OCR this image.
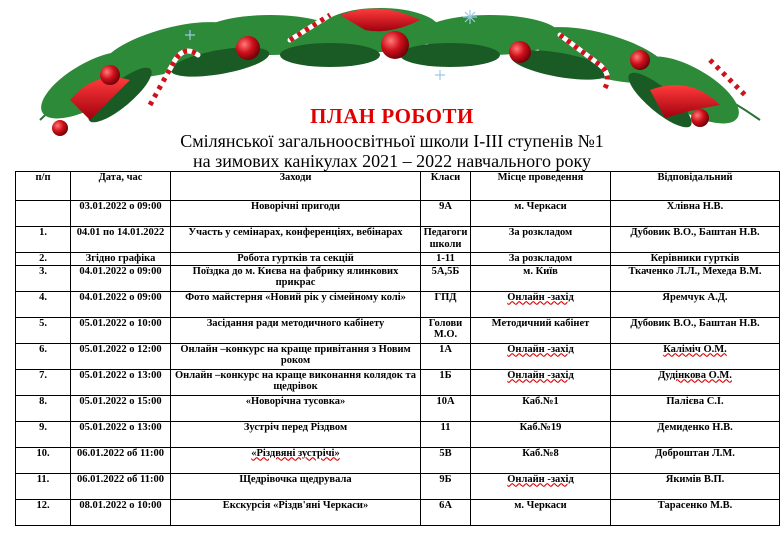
ПЛАН РОБОТИ
Смілянської загальноосвітньої школи І-ІІІ ступенів №1
на зимових канікулах 2021 – 2022 навчального року
п/п	Дата, час	Заходи	Класи	Місце проведення	Відповідальний
	03.01.2022 о 09:00	Новорічні пригоди	9А	м. Черкаси	Хлівна Н.В.
1.	04.01 по 14.01.2022	Участь у семінарах, конференціях, вебінарах	Педагоги школи	За розкладом	Дубовик В.О., Баштан Н.В.
2.	Згідно графіка	Робота гуртків та секцій	1-11	За розкладом	Керівники гуртків
3.	04.01.2022 о 09:00	Поїздка до м. Києва на фабрику ялинкових прикрас	5А,5Б	м. Київ	Ткаченко Л.Л., Мехеда В.М.
4.	04.01.2022 о 09:00	Фото майстерня «Новий рік у сімейному колі»	ГПД	Онлайн -захід	Яремчук А.Д.
5.	05.01.2022 о 10:00	Засідання ради методичного кабінету	Голови М.О.	Методичний кабінет	Дубовик В.О., Баштан Н.В.
6.	05.01.2022 о 12:00	Онлайн –конкурс на краще привітання з Новим роком	1А	Онлайн -захід	Каліміч О.М.
7.	05.01.2022 о 13:00	Онлайн –конкурс на краще виконання колядок та щедрівок	1Б	Онлайн -захід	Дудінкова О.М.
8.	05.01.2022 о 15:00	«Новорічна тусовка»	10А	Каб.№1	Палієва С.І.
9.	05.01.2022 о 13:00	Зустріч перед Різдвом	11	Каб.№19	Демиденко Н.В.
10.	06.01.2022 об 11:00	«Різдвяні зустрічі»	5В	Каб.№8	Доброштан Л.М.
11.	06.01.2022 об 11:00	Щедрівочка щедрувала	9Б	Онлайн -захід	Якимів В.П.
12.	08.01.2022 о 10:00	Екскурсія «Різдв'яні Черкаси»	6А	м. Черкаси	Тарасенко М.В.
